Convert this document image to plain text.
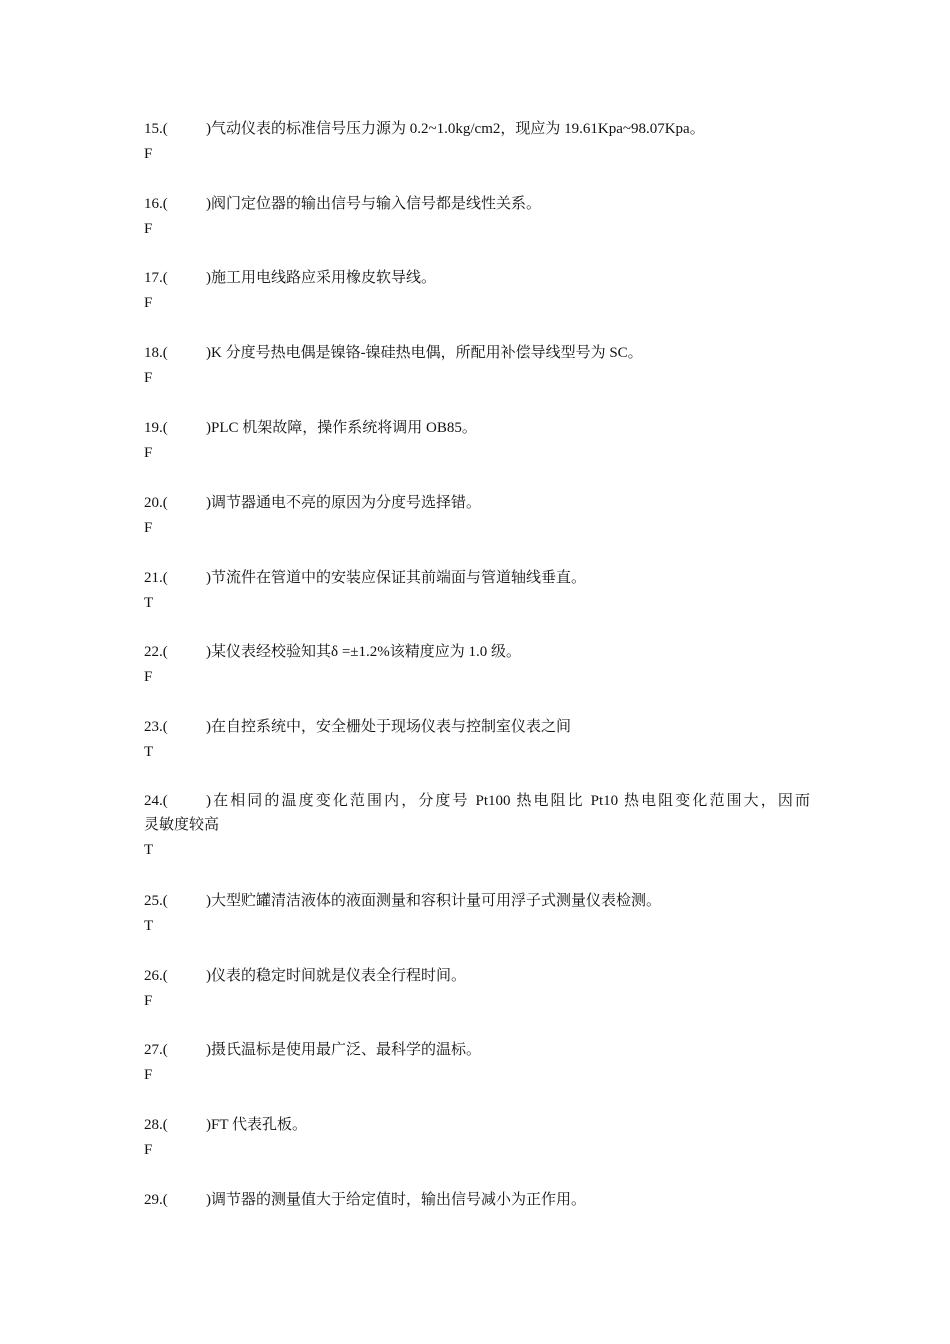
15.(	)气动仪表的标准信号压力源为 0.2~1.0kg/cm2，现应为 19.61Kpa~98.07Kpa。
F
16.(	)阀门定位器的输出信号与输入信号都是线性关系。
F
17.(	)施工用电线路应采用橡皮软导线。
F
18.(	)K 分度号热电偶是镍铬-镍硅热电偶，所配用补偿导线型号为 SC。
F
19.(	)PLC 机架故障，操作系统将调用 OB85。
F
20.(	)调节器通电不亮的原因为分度号选择错。
F
21.(	)节流件在管道中的安装应保证其前端面与管道轴线垂直。
T
22.(	)某仪表经校验知其δ =±1.2%该精度应为 1.0 级。
F
23.(	)在自控系统中，安全栅处于现场仪表与控制室仪表之间
T
24.(	)在相同的温度变化范围内，分度号 Pt100 热电阻比 Pt10 热电阻变化范围大，因而
灵敏度较高
T
25.(	)大型贮罐清洁液体的液面测量和容积计量可用浮子式测量仪表检测。
T
26.(	)仪表的稳定时间就是仪表全行程时间。
F
27.(	)摄氏温标是使用最广泛、最科学的温标。
F
28.(	)FT 代表孔板。
F
29.(	)调节器的测量值大于给定值时，输出信号减小为正作用。
